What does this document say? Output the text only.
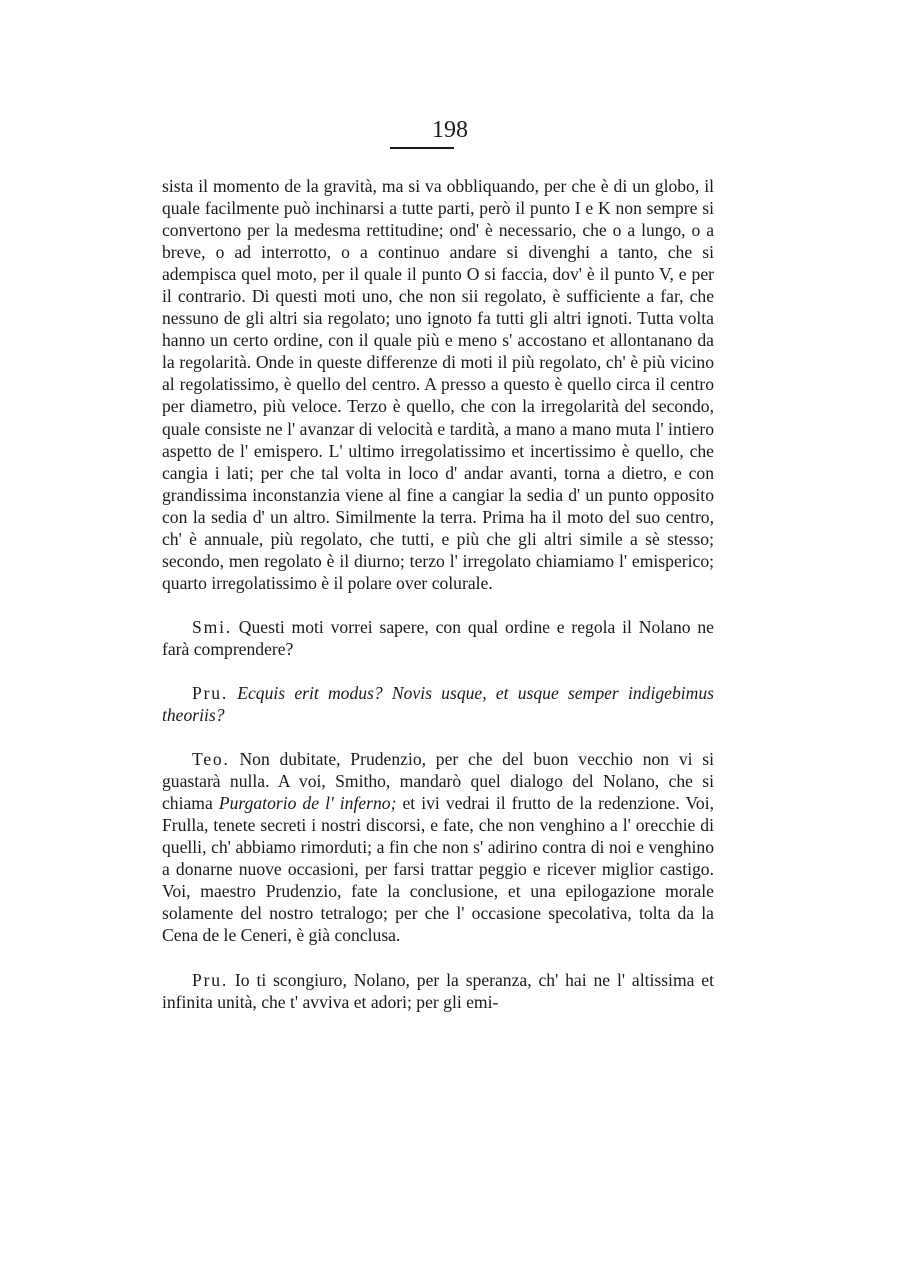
198

sista il momento de la gravità, ma si va obbliquando, per che è di un globo, il quale facilmente può inchinarsi a tutte parti, però il punto I e K non sempre si convertono per la medesma rettitudine; ond' è necessario, che o a lungo, o a breve, o ad interrotto, o a continuo andare si divenghi a tanto, che si adempisca quel moto, per il quale il punto O si faccia, dov' è il punto V, e per il contrario. Di questi moti uno, che non sii regolato, è sufficiente a far, che nessuno de gli altri sia regolato; uno ignoto fa tutti gli altri ignoti. Tutta volta hanno un certo ordine, con il quale più e meno s' accostano et allontanano da la regolarità. Onde in queste differenze di moti il più regolato, ch' è più vicino al regolatissimo, è quello del centro. A presso a questo è quello circa il centro per diametro, più veloce. Terzo è quello, che con la irregolarità del secondo, quale consiste ne l' avanzar di velocità e tardità, a mano a mano muta l' intiero aspetto de l' emispero. L' ultimo irregolatissimo et incertissimo è quello, che cangia i lati; per che tal volta in loco d' andar avanti, torna a dietro, e con grandissima inconstanzia viene al fine a cangiar la sedia d' un punto opposito con la sedia d' un altro. Similmente la terra. Prima ha il moto del suo centro, ch' è annuale, più regolato, che tutti, e più che gli altri simile a sè stesso; secondo, men regolato è il diurno; terzo l' irregolato chiamiamo l' emisperico; quarto irregolatissimo è il polare over colurale.

Smi. Questi moti vorrei sapere, con qual ordine e regola il Nolano ne farà comprendere?

Pru. Ecquis erit modus? Novis usque, et usque semper indigebimus theoriis?

Teo. Non dubitate, Prudenzio, per che del buon vecchio non vi si guastarà nulla. A voi, Smitho, mandarò quel dialogo del Nolano, che si chiama Purgatorio de l' inferno; et ivi vedrai il frutto de la redenzione. Voi, Frulla, tenete secreti i nostri discorsi, e fate, che non venghino a l' orecchie di quelli, ch' abbiamo rimorduti; a fin che non s' adirino contra di noi e venghino a donarne nuove occasioni, per farsi trattar peggio e ricever miglior castigo. Voi, maestro Prudenzio, fate la conclusione, et una epilogazione morale solamente del nostro tetralogo; per che l' occasione specolativa, tolta da la Cena de le Ceneri, è già conclusa.

Pru. Io ti scongiuro, Nolano, per la speranza, ch' hai ne l' altissima et infinita unità, che t' avviva et adori; per gli emi-
